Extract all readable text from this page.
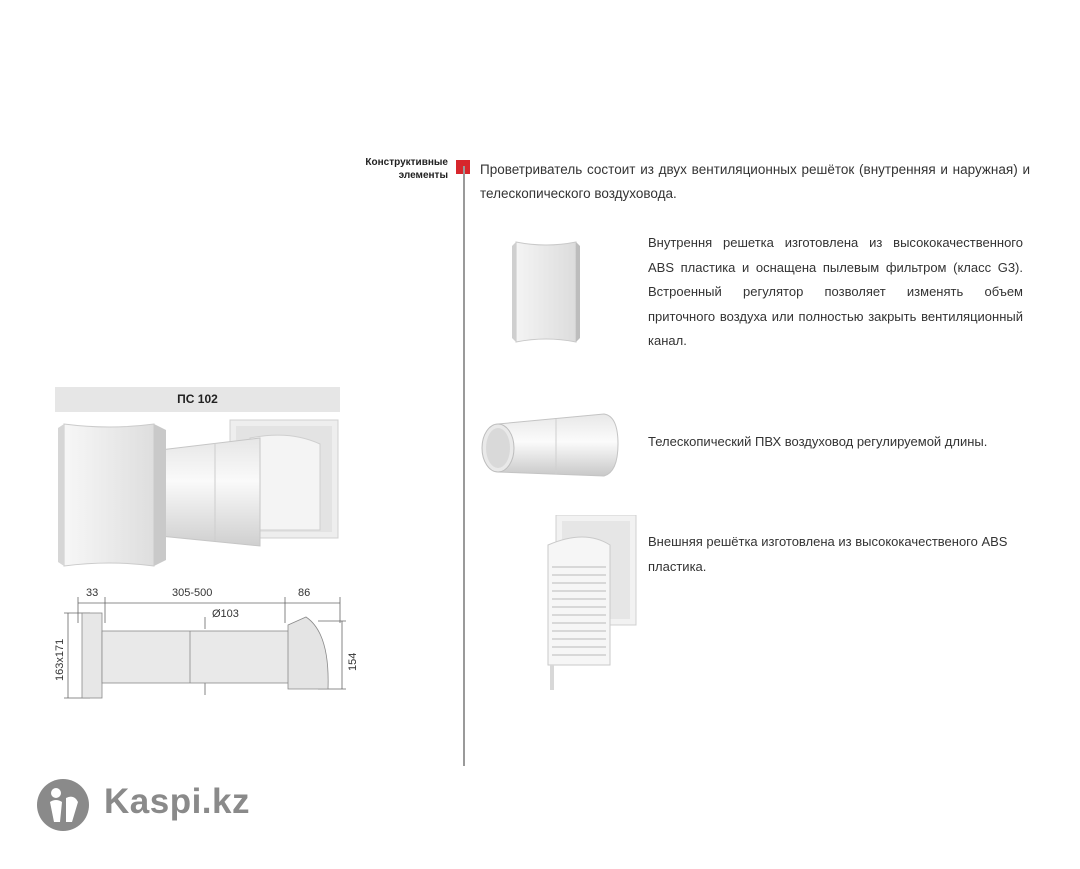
Конструктивные
элементы Проветриватель состоит из двух вентиляционных решёток (внутренняя и наружная) и телескопического воздуховода.
Внутрення решетка изготовлена из высококачественного ABS пластика и оснащена пылевым фильтром (класс G3). Встроенный регулятор позволяет изменять объем приточного воздуха или полностью закрыть вентиляционный канал.
Телескопический ПВХ воздуховод регулируемой длины.
Внешняя решётка изготовлена из высококачественого ABS пластика.
ПС 102
33	305-500	86
Ø103
163x171	154
Kaspi.kz
